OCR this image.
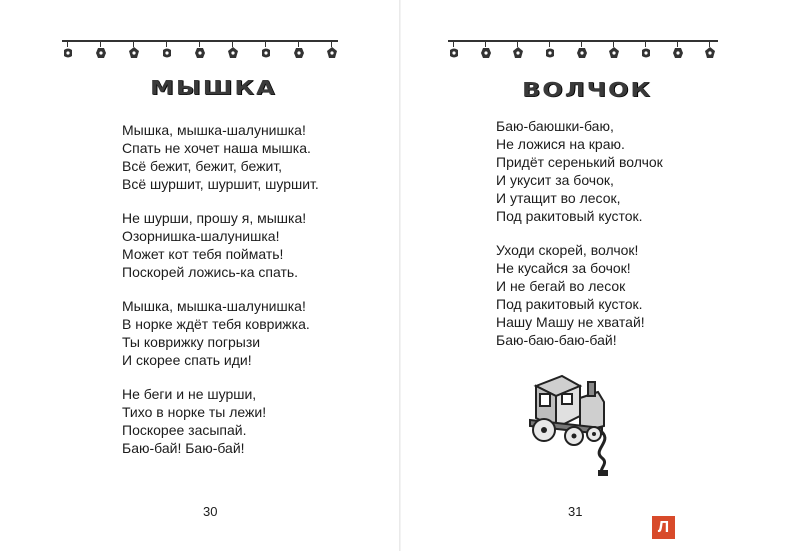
МЫШКА
Мышка, мышка-шалунишка!
Спать не хочет наша мышка.
Всё бежит, бежит, бежит,
Всё шуршит, шуршит, шуршит.
Не шурши, прошу я, мышка!
Озорнишка-шалунишка!
Может кот тебя поймать!
Поскорей ложись-ка спать.
Мышка, мышка-шалунишка!
В норке ждёт тебя коврижка.
Ты коврижку погрызи
И скорее спать иди!
Не беги и не шурши,
Тихо в норке ты лежи!
Поскорее засыпай.
Баю-бай! Баю-бай!
30
ВОЛЧОК
Баю-баюшки-баю,
Не ложися на краю.
Придёт серенький волчок
И укусит за бочок,
И утащит во лесок,
Под ракитовый кусток.
Уходи скорей, волчок!
Не кусайся за бочок!
И не бегай во лесок
Под ракитовый кусток.
Нашу Машу не хватай!
Баю-баю-баю-бай!
31
Л
